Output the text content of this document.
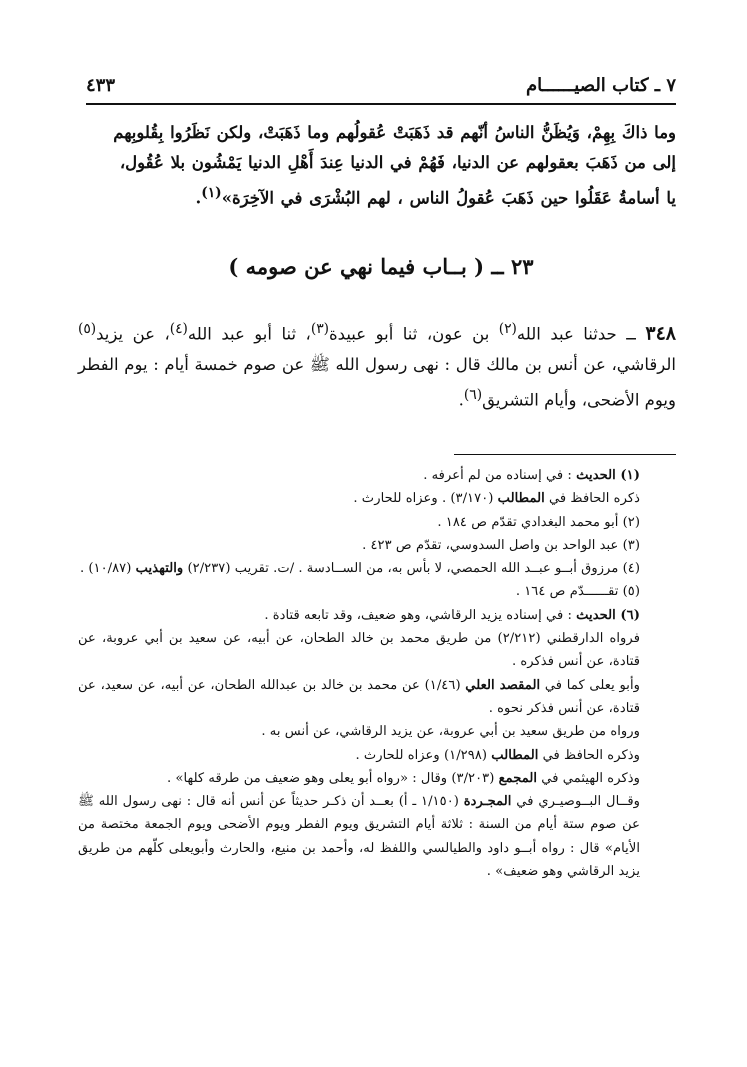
٧ ـ كتاب الصيــــــام
٤٣٣
وما ذاكَ بِهِمْ، وَيُظَنُّ الناسُ أنّهم قد ذَهَبَتْ عُقولُهم وما ذَهَبَتْ، ولكن نَظَرُوا بِقُلوبِهم
إلى من ذَهَبَ بعقولهم عن الدنيا، فَهُمْ في الدنيا عِندَ أَهْلِ الدنيا يَمْشُون بلا عُقُول،
يا أسامةُ عَقَلُوا حين ذَهَبَ عُقولُ الناس ، لهم البُشْرَى في الآخِرَة»$^{(١)}$.
٢٣ ــ ( بــاب فيما نهي عن صومه )
٣٤٨ ــ حدثنا عبد الله$^{(٢)}$ بن عون، ثنا أبو عبيدة$^{(٣)}$، ثنا أبو عبد الله$^{(٤)}$، عن يزيد$^{(٥)}$ الرقاشي، عن أنس بن مالك قال : نهى رسول الله ﷺ عن صوم خمسة أيام : يوم الفطر ويوم الأضحى، وأيام التشريق$^{(٦)}$.

(١) الحديث : في إسناده من لم أعرفه .

ذكره الحافظ في المطالب (٣/١٧٠) . وعزاه للحارث .

(٢) أبو محمد البغدادي تقدّم ص ١٨٤ .

(٣) عبد الواحد بن واصل السدوسي، تقدّم ص ٤٢٣ .

(٤) مرزوق أبــو عبــد الله الحمصي، لا بأس به، من الســادسة . /ت. تقريب (٢/٢٣٧) والتهذيب (١٠/٨٧) .

(٥) تقــــــدّم ص ١٦٤ .

(٦) الحديث : في إسناده يزيد الرقاشي، وهو ضعيف، وقد تابعه قتادة .

فرواه الدارقطني (٢/٢١٢) من طريق محمد بن خالد الطحان، عن أبيه، عن سعيد بن أبي عروبة، عن قتادة، عن أنس فذكره .

وأبو يعلى كما في المقصد العلي (١/٤٦) عن محمد بن خالد بن عبدالله الطحان، عن أبيه، عن سعيد، عن قتادة، عن أنس فذكر نحوه .

ورواه من طريق سعيد بن أبي عروبة، عن يزيد الرقاشي، عن أنس به .

وذكره الحافظ في المطالب (١/٢٩٨) وعزاه للحارث .

وذكره الهيثمي في المجمع (٣/٢٠٣) وقال : «رواه أبو يعلى وهو ضعيف من طرقه كلها» .

وقــال البــوصيـري في المجـردة (١/١٥٠ ـ أ) بعــد أن ذكـر حديثاً عن أنس أنه قال : نهى رسول الله ﷺ عن صوم ستة أيام من السنة : ثلاثة أيام التشريق ويوم الفطر ويوم الأضحى ويوم الجمعة مختصة من الأيام» قال : رواه أبــو داود والطيالسي واللفظ له، وأحمد بن منيع، والحارث وأبويعلى كلّهم من طريق يزيد الرقاشي وهو ضعيف» .
